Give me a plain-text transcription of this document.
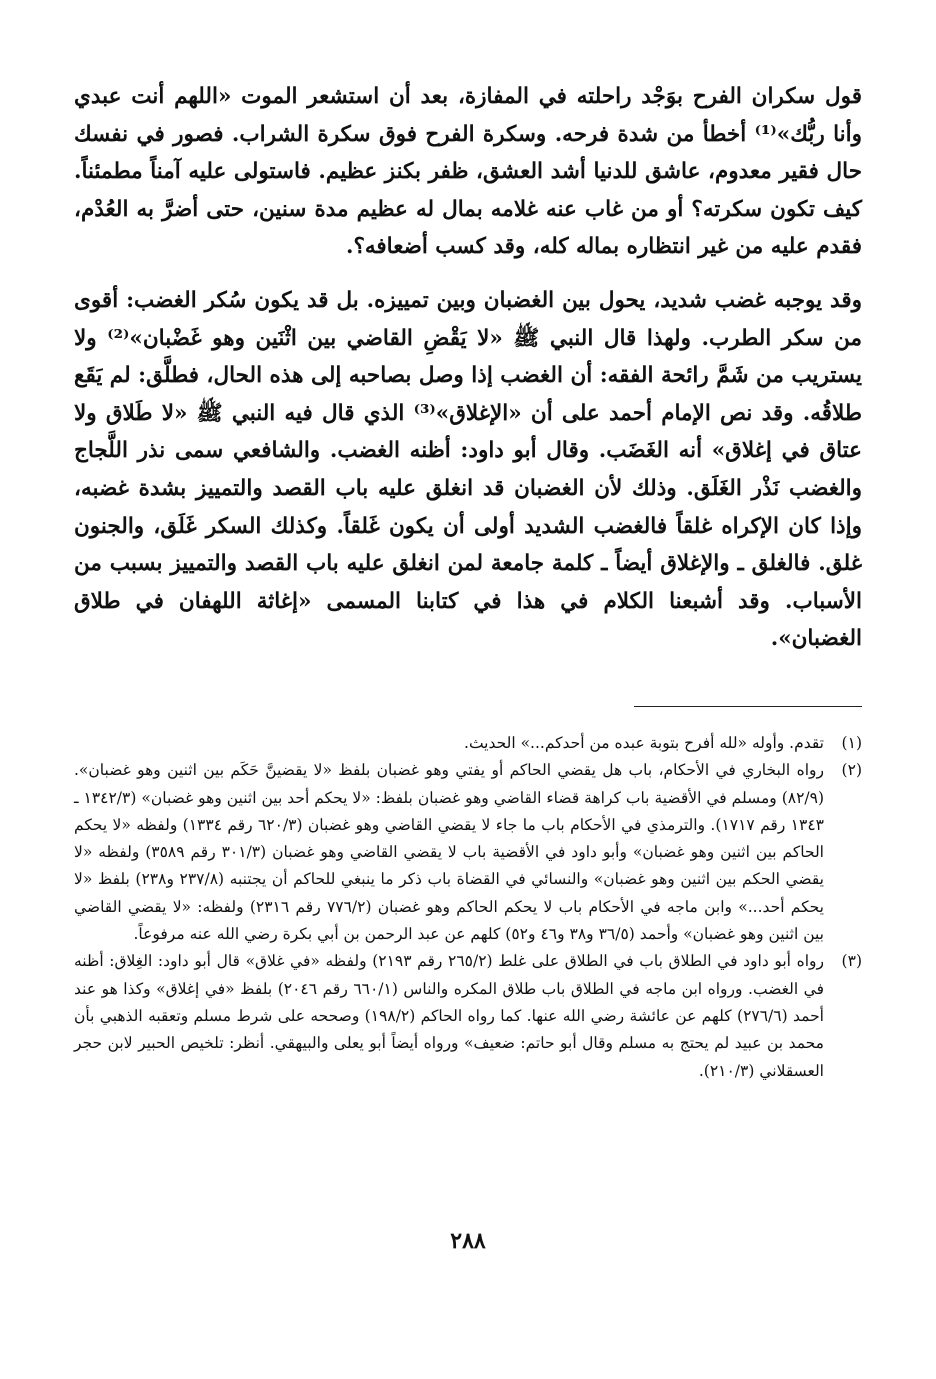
قول سكران الفرح بوَجْد راحلته في المفازة، بعد أن استشعر الموت «اللهم أنت عبدي وأنا ربُّك»⁽¹⁾ أخطأ من شدة فرحه. وسكرة الفرح فوق سكرة الشراب. فصور في نفسك حال فقير معدوم، عاشق للدنيا أشد العشق، ظفر بكنز عظيم. فاستولى عليه آمناً مطمئناً. كيف تكون سكرته؟ أو من غاب عنه غلامه بمال له عظيم مدة سنين، حتى أضرَّ به العُدْم، فقدم عليه من غير انتظاره بماله كله، وقد كسب أضعافه؟.

وقد يوجبه غضب شديد، يحول بين الغضبان وبين تمييزه. بل قد يكون سُكر الغضب: أقوى من سكر الطرب. ولهذا قال النبي ﷺ «لا يَقْضِ القاضي بين اثْنَين وهو غَضْبان»⁽²⁾ ولا يستريب من شَمَّ رائحة الفقه: أن الغضب إذا وصل بصاحبه إلى هذه الحال، فطلَّق: لم يَقَع طلاقُه. وقد نص الإمام أحمد على أن «الإغلاق»⁽³⁾ الذي قال فيه النبي ﷺ «لا طَلاق ولا عتاق في إغلاق» أنه الغَضَب. وقال أبو داود: أظنه الغضب. والشافعي سمى نذر اللَّجاج والغضب نَذْر الغَلَق. وذلك لأن الغضبان قد انغلق عليه باب القصد والتمييز بشدة غضبه، وإذا كان الإكراه غلقاً فالغضب الشديد أولى أن يكون غَلقاً. وكذلك السكر غَلَق، والجنون غلق. فالغلق ـ والإغلاق أيضاً ـ كلمة جامعة لمن انغلق عليه باب القصد والتمييز بسبب من الأسباب. وقد أشبعنا الكلام في هذا في كتابنا المسمى «إغاثة اللهفان في طلاق الغضبان».

(١)
تقدم. وأوله «لله أفرح بتوبة عبده من أحدكم...» الحديث.
(٢)
رواه البخاري في الأحكام، باب هل يقضي الحاكم أو يفتي وهو غضبان بلفظ «لا يقضينَّ حَكَم بين اثنين وهو غضبان». (٨٢/٩) ومسلم في الأقضية باب كراهة قضاء القاضي وهو غضبان بلفظ: «لا يحكم أحد بين اثنين وهو غضبان» (١٣٤٢/٣ ـ ١٣٤٣ رقم ١٧١٧). والترمذي في الأحكام باب ما جاء لا يقضي القاضي وهو غضبان (٦٢٠/٣ رقم ١٣٣٤) ولفظه «لا يحكم الحاكم بين اثنين وهو غضبان» وأبو داود في الأقضية باب لا يقضي القاضي وهو غضبان (٣٠١/٣ رقم ٣٥٨٩) ولفظه «لا يقضي الحكم بين اثنين وهو غضبان» والنسائي في القضاة باب ذكر ما ينبغي للحاكم أن يجتنبه (٢٣٧/٨ و٢٣٨) بلفظ «لا يحكم أحد...» وابن ماجه في الأحكام باب لا يحكم الحاكم وهو غضبان (٧٧٦/٢ رقم ٢٣١٦) ولفظه: «لا يقضي القاضي بين اثنين وهو غضبان» وأحمد (٣٦/٥ و٣٨ و٤٦ و٥٢) كلهم عن عبد الرحمن بن أبي بكرة رضي الله عنه مرفوعاً.
(٣)
رواه أبو داود في الطلاق باب في الطلاق على غلط (٢٦٥/٢ رقم ٢١٩٣) ولفظه «في غلاق» قال أبو داود: الغِلاق: أظنه في الغضب. ورواه ابن ماجه في الطلاق باب طلاق المكره والناس (٦٦٠/١ رقم ٢٠٤٦) بلفظ «في إغلاق» وكذا هو عند أحمد (٢٧٦/٦) كلهم عن عائشة رضي الله عنها. كما رواه الحاكم (١٩٨/٢) وصححه على شرط مسلم وتعقبه الذهبي بأن محمد بن عبيد لم يحتج به مسلم وقال أبو حاتم: ضعيف» ورواه أيضاً أبو يعلى والبيهقي. أنظر: تلخيص الحبير لابن حجر العسقلاني (٢١٠/٣).
٢٨٨
